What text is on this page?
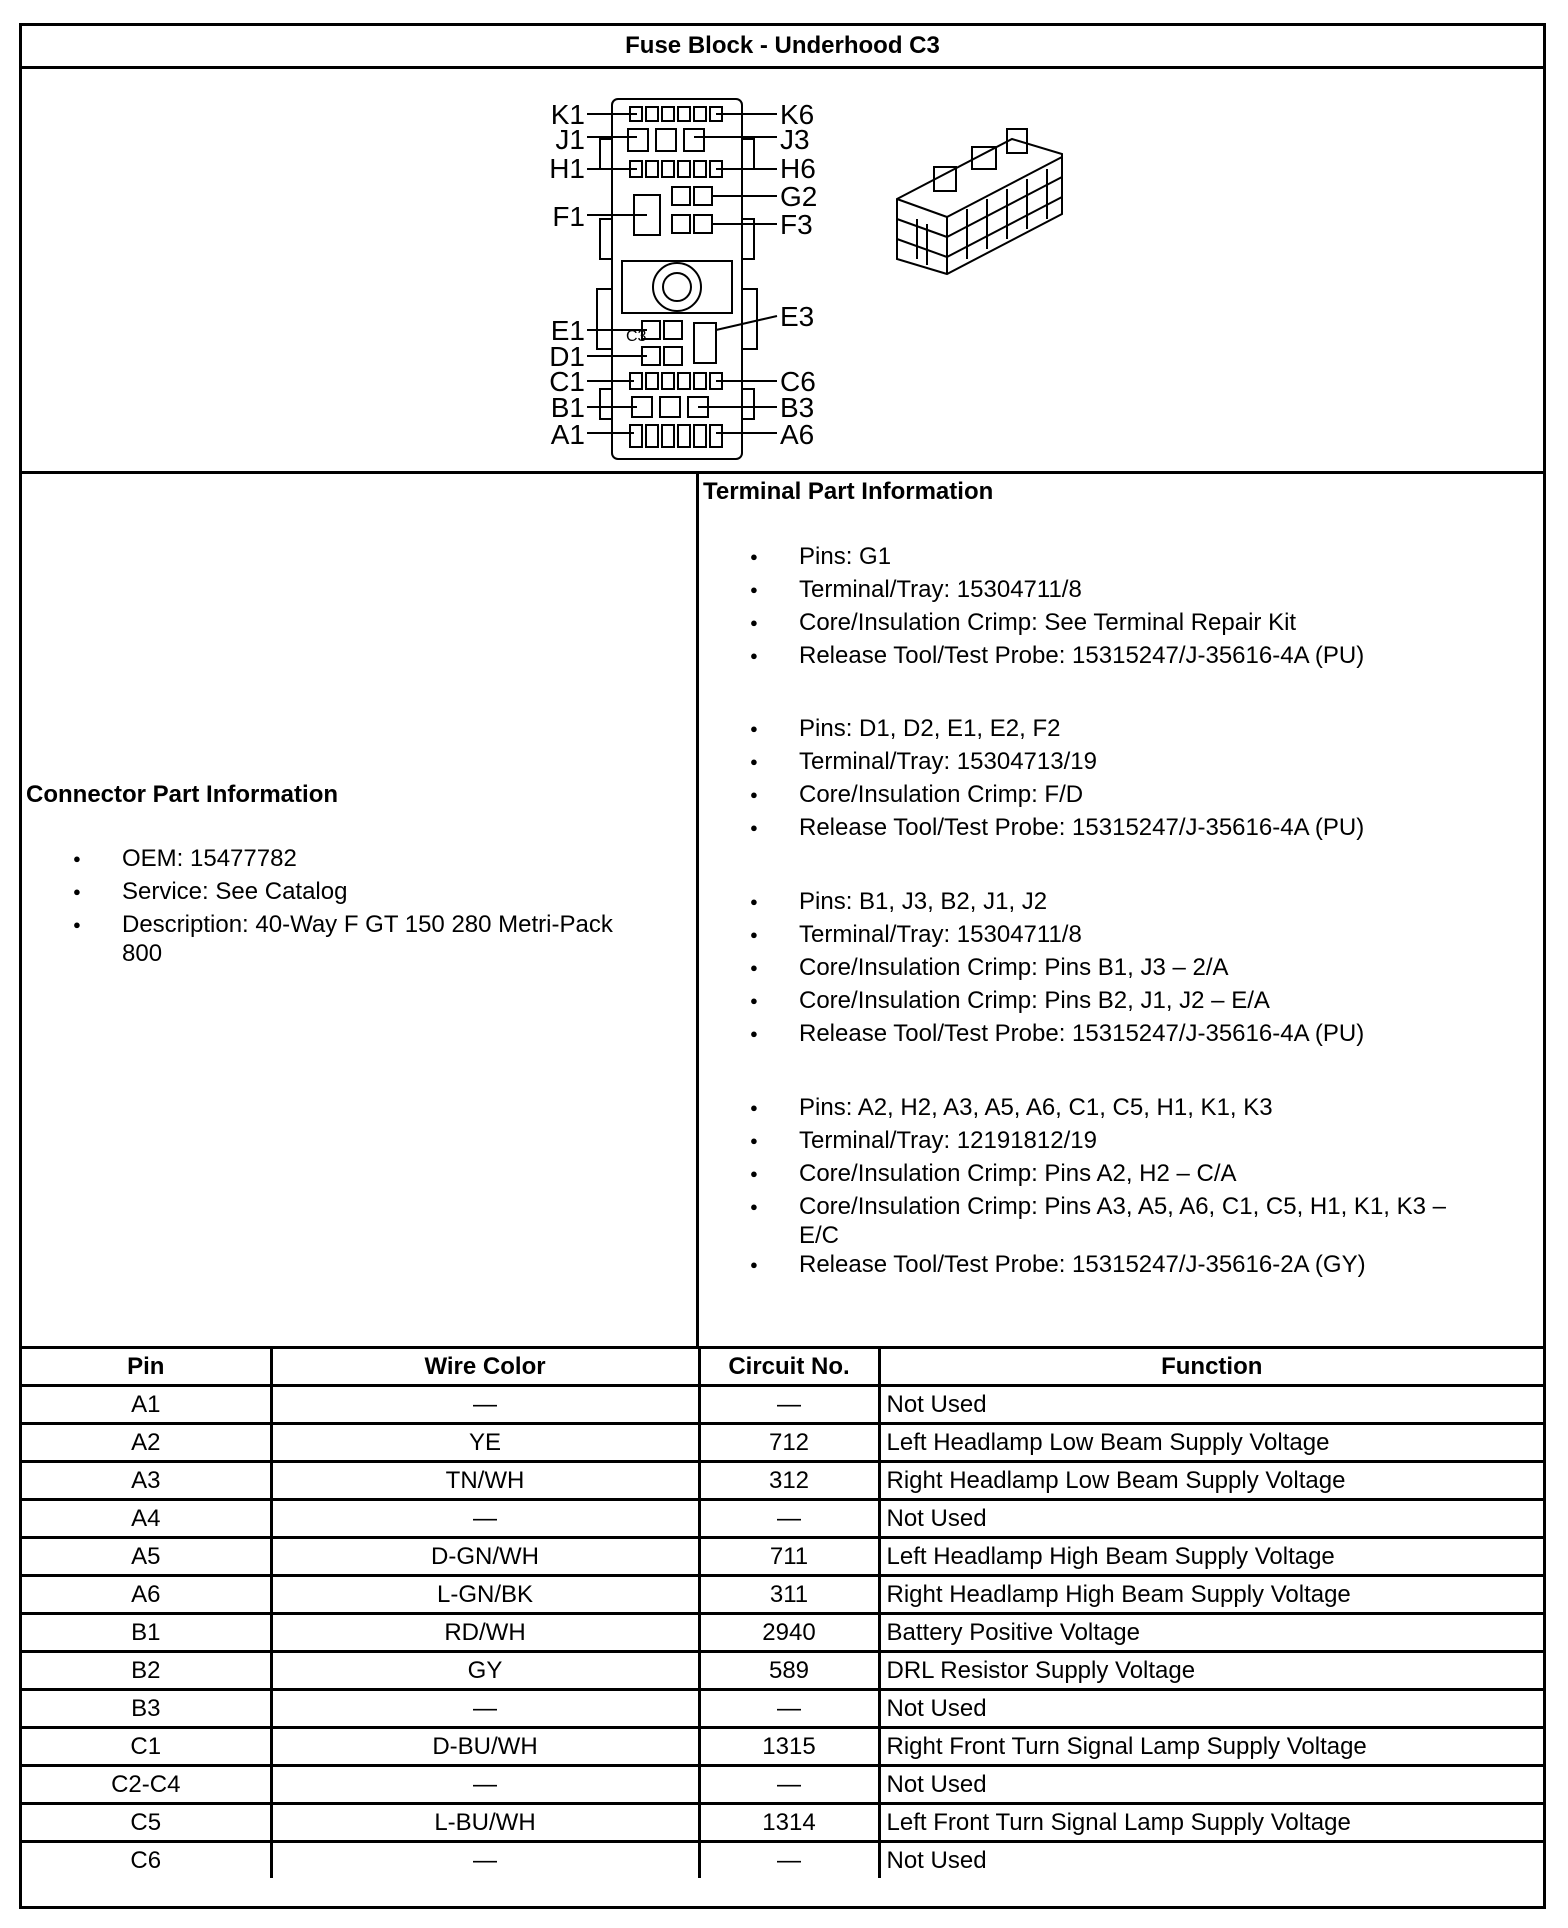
Fuse Block - Underhood C3
K1
J1
H1
F1
E1
D1
C1
B1
A1
K6
J3
H6
G2
F3
E3
C6
B3
A6
C3
Connector Part Information
● OEM: 15477782
● Service: See Catalog
● Description: 40-Way F GT 150 280 Metri-Pack 800
Terminal Part Information
● Pins: G1
● Terminal/Tray: 15304711/8
● Core/Insulation Crimp: See Terminal Repair Kit
● Release Tool/Test Probe: 15315247/J-35616-4A (PU)
● Pins: D1, D2, E1, E2, F2
● Terminal/Tray: 15304713/19
● Core/Insulation Crimp: F/D
● Release Tool/Test Probe: 15315247/J-35616-4A (PU)
● Pins: B1, J3, B2, J1, J2
● Terminal/Tray: 15304711/8
● Core/Insulation Crimp: Pins B1, J3 – 2/A
● Core/Insulation Crimp: Pins B2, J1, J2 – E/A
● Release Tool/Test Probe: 15315247/J-35616-4A (PU)
● Pins: A2, H2, A3, A5, A6, C1, C5, H1, K1, K3
● Terminal/Tray: 12191812/19
● Core/Insulation Crimp: Pins A2, H2 – C/A
● Core/Insulation Crimp: Pins A3, A5, A6, C1, C5, H1, K1, K3 – E/C
● Release Tool/Test Probe: 15315247/J-35616-2A (GY)
Pin	Wire Color	Circuit No.	Function
A1	—	—	Not Used
A2	YE	712	Left Headlamp Low Beam Supply Voltage
A3	TN/WH	312	Right Headlamp Low Beam Supply Voltage
A4	—	—	Not Used
A5	D-GN/WH	711	Left Headlamp High Beam Supply Voltage
A6	L-GN/BK	311	Right Headlamp High Beam Supply Voltage
B1	RD/WH	2940	Battery Positive Voltage
B2	GY	589	DRL Resistor Supply Voltage
B3	—	—	Not Used
C1	D-BU/WH	1315	Right Front Turn Signal Lamp Supply Voltage
C2-C4	—	—	Not Used
C5	L-BU/WH	1314	Left Front Turn Signal Lamp Supply Voltage
C6	—	—	Not Used
